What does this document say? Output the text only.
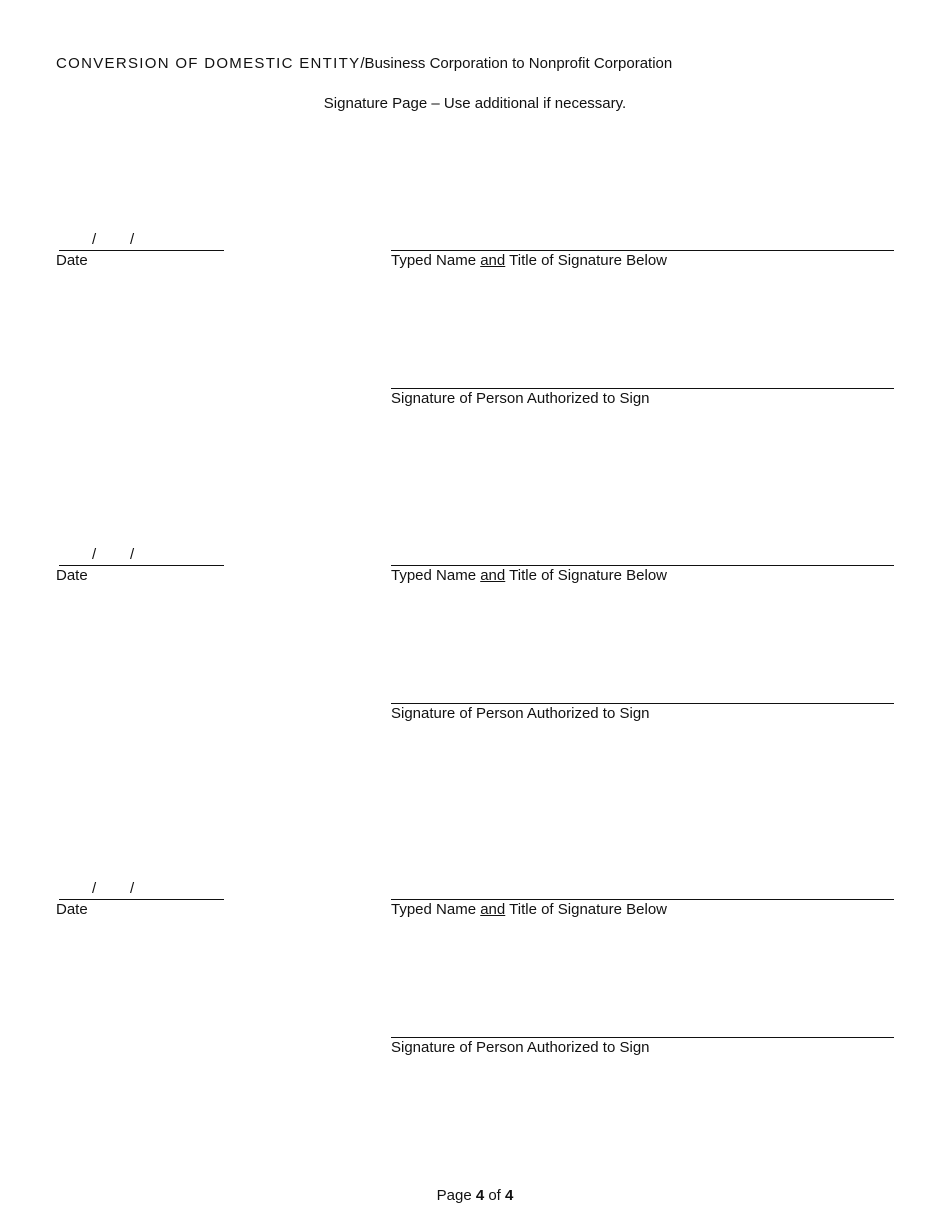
CONVERSION OF DOMESTIC ENTITY/Business Corporation to Nonprofit Corporation
Signature Page – Use additional if necessary.
/ /
Date	Typed Name and Title of Signature Below
Signature of Person Authorized to Sign
/ /
Date	Typed Name and Title of Signature Below
Signature of Person Authorized to Sign
/ /
Date	Typed Name and Title of Signature Below
Signature of Person Authorized to Sign
Page 4 of 4
